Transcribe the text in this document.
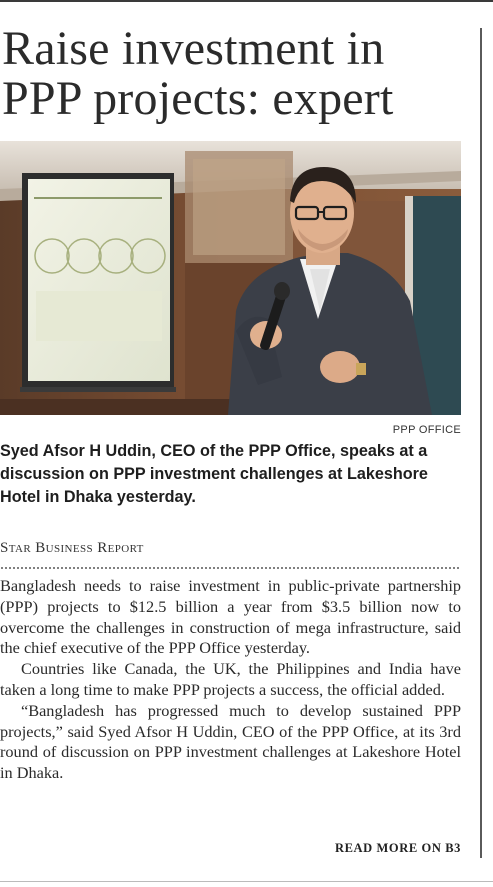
Raise investment in
PPP projects: expert
PPP OFFICE
Syed Afsor H Uddin, CEO of the PPP Office, speaks at a discussion on PPP investment challenges at Lakeshore Hotel in Dhaka yesterday.
Star Business Report

Bangladesh needs to raise investment in public-private partnership (PPP) projects to $12.5 billion a year from $3.5 billion now to overcome the challenges in construction of mega infrastructure, said the chief executive of the PPP Office yesterday.

Countries like Canada, the UK, the Philippines and India have taken a long time to make PPP projects a success, the official added.

“Bangladesh has progressed much to develop sustained PPP projects,” said Syed Afsor H Uddin, CEO of the PPP Office, at its 3rd round of discussion on PPP investment challenges at Lakeshore Hotel in Dhaka.

READ MORE ON B3
